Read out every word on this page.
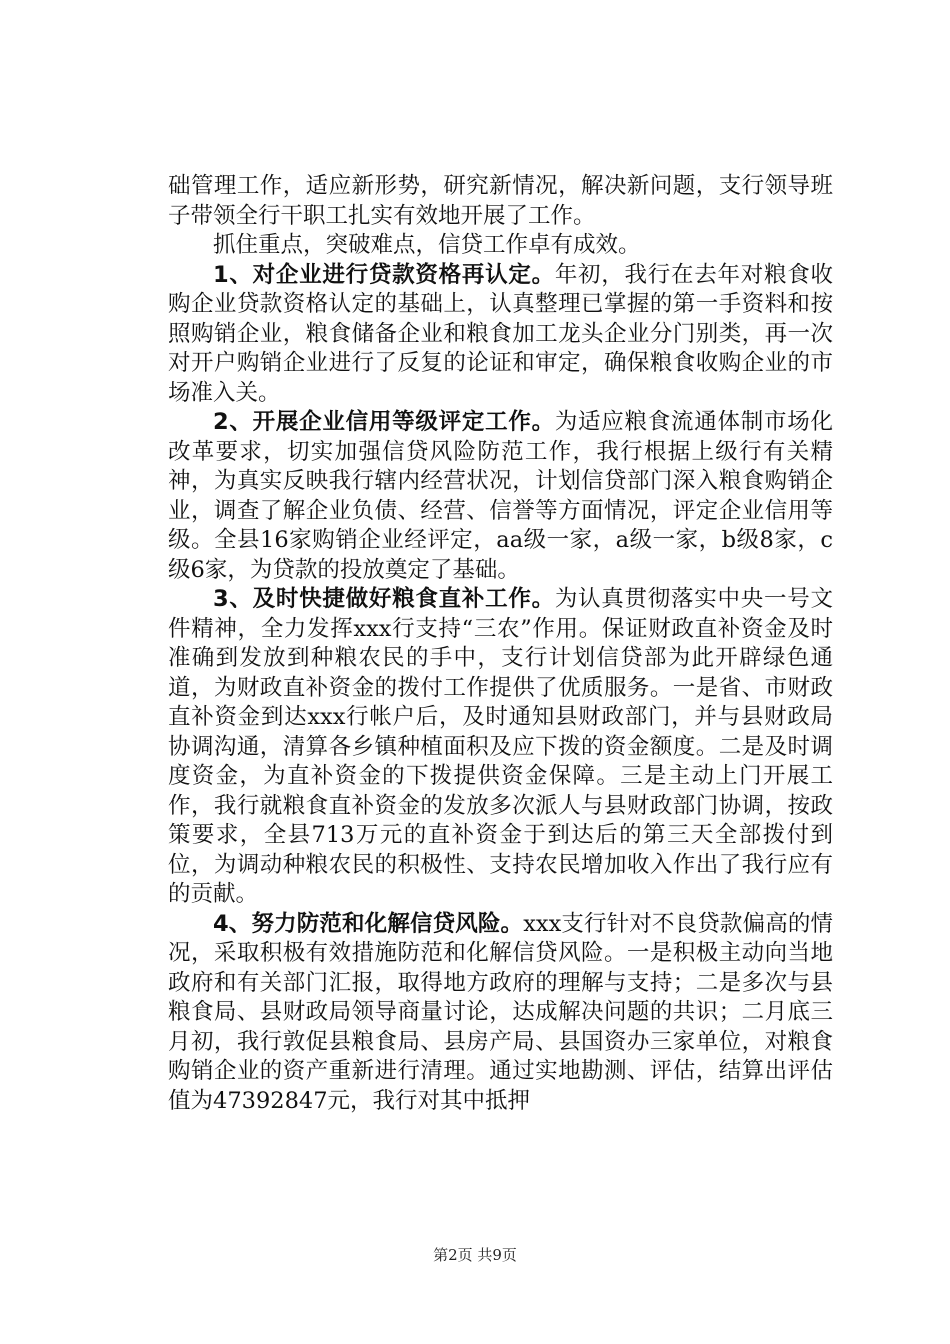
础管理工作，适应新形势，研究新情况，解决新问题，支行领导班子带领全行干职工扎实有效地开展了工作。

抓住重点，突破难点，信贷工作卓有成效。

1、对企业进行贷款资格再认定。年初，我行在去年对粮食收购企业贷款资格认定的基础上，认真整理已掌握的第一手资料和按照购销企业，粮食储备企业和粮食加工龙头企业分门别类，再一次对开户购销企业进行了反复的论证和审定，确保粮食收购企业的市场准入关。

2、开展企业信用等级评定工作。为适应粮食流通体制市场化改革要求，切实加强信贷风险防范工作，我行根据上级行有关精神，为真实反映我行辖内经营状况，计划信贷部门深入粮食购销企业，调查了解企业负债、经营、信誉等方面情况，评定企业信用等级。全县16家购销企业经评定，aa级一家，a级一家，b级8家，c级6家，为贷款的投放奠定了基础。

3、及时快捷做好粮食直补工作。为认真贯彻落实中央一号文件精神，全力发挥xxx行支持“三农”作用。保证财政直补资金及时准确到发放到种粮农民的手中，支行计划信贷部为此开辟绿色通道，为财政直补资金的拨付工作提供了优质服务。一是省、市财政直补资金到达xxx行帐户后，及时通知县财政部门，并与县财政局协调沟通，清算各乡镇种植面积及应下拨的资金额度。二是及时调度资金，为直补资金的下拨提供资金保障。三是主动上门开展工作，我行就粮食直补资金的发放多次派人与县财政部门协调，按政策要求，全县713万元的直补资金于到达后的第三天全部拨付到位，为调动种粮农民的积极性、支持农民增加收入作出了我行应有的贡献。

4、努力防范和化解信贷风险。xxx支行针对不良贷款偏高的情况，采取积极有效措施防范和化解信贷风险。一是积极主动向当地政府和有关部门汇报，取得地方政府的理解与支持；二是多次与县粮食局、县财政局领导商量讨论，达成解决问题的共识；二月底三月初，我行敦促县粮食局、县房产局、县国资办三家单位，对粮食购销企业的资产重新进行清理。通过实地勘测、评估，结算出评估值为47392847元，我行对其中抵押

第2页 共9页
